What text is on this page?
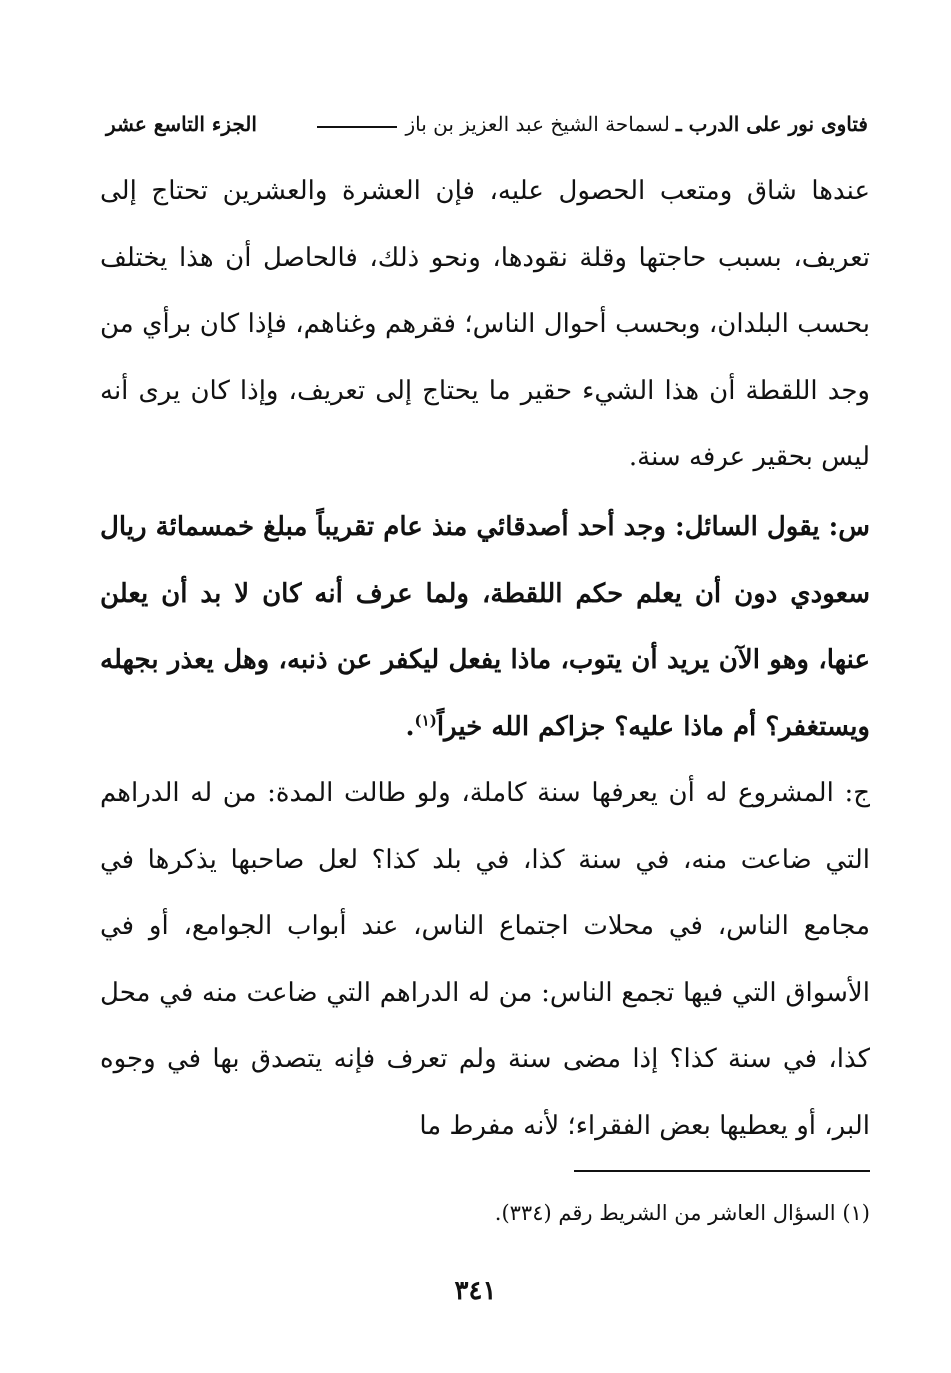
فتاوى نور على الدرب ـ
لسماحة الشيخ عبد العزيز بن باز
الجزء التاسع عشر
عندها شاق ومتعب الحصول عليه، فإن العشرة والعشرين تحتاج إلى تعريف، بسبب حاجتها وقلة نقودها، ونحو ذلك، فالحاصل أن هذا يختلف بحسب البلدان، وبحسب أحوال الناس؛ فقرهم وغناهم، فإذا كان برأي من وجد اللقطة أن هذا الشيء حقير ما يحتاج إلى تعريف، وإذا كان يرى أنه ليس بحقير عرفه سنة.
س: يقول السائل: وجد أحد أصدقائي منذ عام تقريباً مبلغ خمسمائة ريال سعودي دون أن يعلم حكم اللقطة، ولما عرف أنه كان لا بد أن يعلن عنها، وهو الآن يريد أن يتوب، ماذا يفعل ليكفر عن ذنبه، وهل يعذر بجهله ويستغفر؟ أم ماذا عليه؟ جزاكم الله خيراً$^{(١)}$.
ج: المشروع له أن يعرفها سنة كاملة، ولو طالت المدة: من له الدراهم التي ضاعت منه، في سنة كذا، في بلد كذا؟ لعل صاحبها يذكرها في مجامع الناس، في محلات اجتماع الناس، عند أبواب الجوامع، أو في الأسواق التي فيها تجمع الناس: من له الدراهم التي ضاعت منه في محل كذا، في سنة كذا؟ إذا مضى سنة ولم تعرف فإنه يتصدق بها في وجوه البر، أو يعطيها بعض الفقراء؛ لأنه مفرط ما
(١) السؤال العاشر من الشريط رقم (٣٣٤).
٣٤١
